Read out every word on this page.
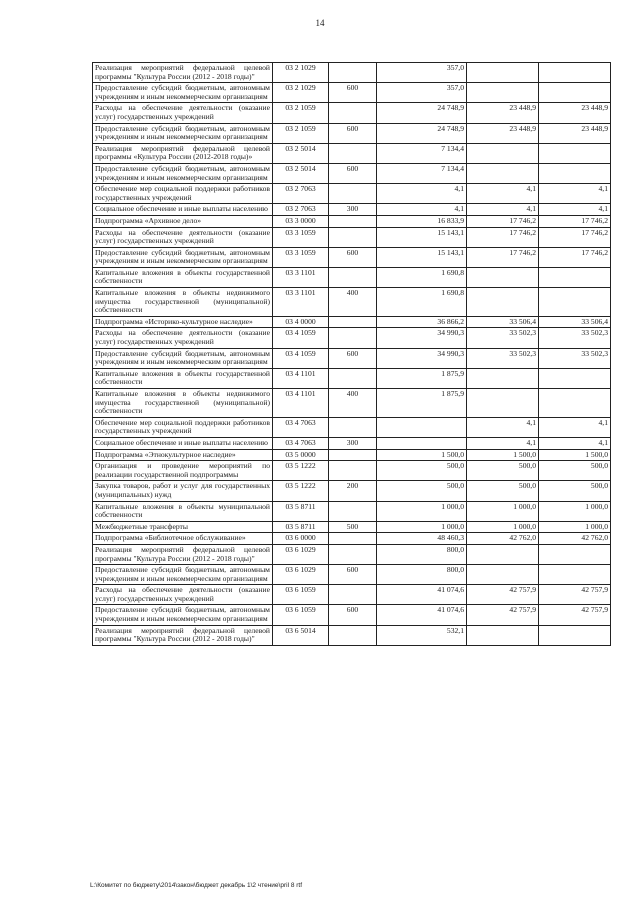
14
Реализация мероприятий федеральной целевой программы "Культура России (2012 - 2018 годы)"	03 2 1029		357,0		
Предоставление субсидий бюджетным, автономным учреждениям и иным некоммерческим организациям	03 2 1029	600	357,0		
Расходы на обеспечение деятельности (оказание услуг) государственных учреждений	03 2 1059		24 748,9	23 448,9	23 448,9
Предоставление субсидий бюджетным, автономным учреждениям и иным некоммерческим организациям	03 2 1059	600	24 748,9	23 448,9	23 448,9
Реализация мероприятий федеральной целевой программы «Культура России (2012-2018 годы)»	03 2 5014		7 134,4		
Предоставление субсидий бюджетным, автономным учреждениям и иным некоммерческим организациям	03 2 5014	600	7 134,4		
Обеспечение мер социальной поддержки работников государственных учреждений	03 2 7063		4,1	4,1	4,1
Социальное обеспечение и иные выплаты населению	03 2 7063	300	4,1	4,1	4,1
Подпрограмма «Архивное дело»	03 3 0000		16 833,9	17 746,2	17 746,2
Расходы на обеспечение деятельности (оказание услуг) государственных учреждений	03 3 1059		15 143,1	17 746,2	17 746,2
Предоставление субсидий бюджетным, автономным учреждениям и иным некоммерческим организациям	03 3 1059	600	15 143,1	17 746,2	17 746,2
Капитальные вложения в объекты государственной собственности	03 3 1101		1 690,8		
Капитальные вложения в объекты недвижимого имущества государственной (муниципальной) собственности	03 3 1101	400	1 690,8		
Подпрограмма «Историко-культурное наследие»	03 4 0000		36 866,2	33 506,4	33 506,4
Расходы на обеспечение деятельности (оказание услуг) государственных учреждений	03 4 1059		34 990,3	33 502,3	33 502,3
Предоставление субсидий бюджетным, автономным учреждениям и иным некоммерческим организациям	03 4 1059	600	34 990,3	33 502,3	33 502,3
Капитальные вложения в объекты государственной собственности	03 4 1101		1 875,9		
Капитальные вложения в объекты недвижимого имущества государственной (муниципальной) собственности	03 4 1101	400	1 875,9		
Обеспечение мер социальной поддержки работников государственных учреждений	03 4 7063			4,1	4,1
Социальное обеспечение и иные выплаты населению	03 4 7063	300		4,1	4,1
Подпрограмма «Этнокультурное наследие»	03 5 0000		1 500,0	1 500,0	1 500,0
Организация и проведение мероприятий по реализации государственной подпрограммы	03 5 1222		500,0	500,0	500,0
Закупка товаров, работ и услуг для государственных (муниципальных) нужд	03 5 1222	200	500,0	500,0	500,0
Капитальные вложения в объекты муниципальной собственности	03 5 8711		1 000,0	1 000,0	1 000,0
Межбюджетные трансферты	03 5 8711	500	1 000,0	1 000,0	1 000,0
Подпрограмма «Библиотечное обслуживание»	03 6 0000		48 460,3	42 762,0	42 762,0
Реализация мероприятий федеральной целевой программы "Культура России (2012 - 2018 годы)"	03 6 1029		800,0		
Предоставление субсидий бюджетным, автономным учреждениям и иным некоммерческим организациям	03 6 1029	600	800,0		
Расходы на обеспечение деятельности (оказание услуг) государственных учреждений	03 6 1059		41 074,6	42 757,9	42 757,9
Предоставление субсидий бюджетным, автономным учреждениям и иным некоммерческим организациям	03 6 1059	600	41 074,6	42 757,9	42 757,9
Реализация мероприятий федеральной целевой программы "Культура России (2012 - 2018 годы)"	03 6 5014		532,1		
L:\Комитет по бюджету\2014\закон\бюджет декабрь 1\2 чтение\pril 8 rtf
